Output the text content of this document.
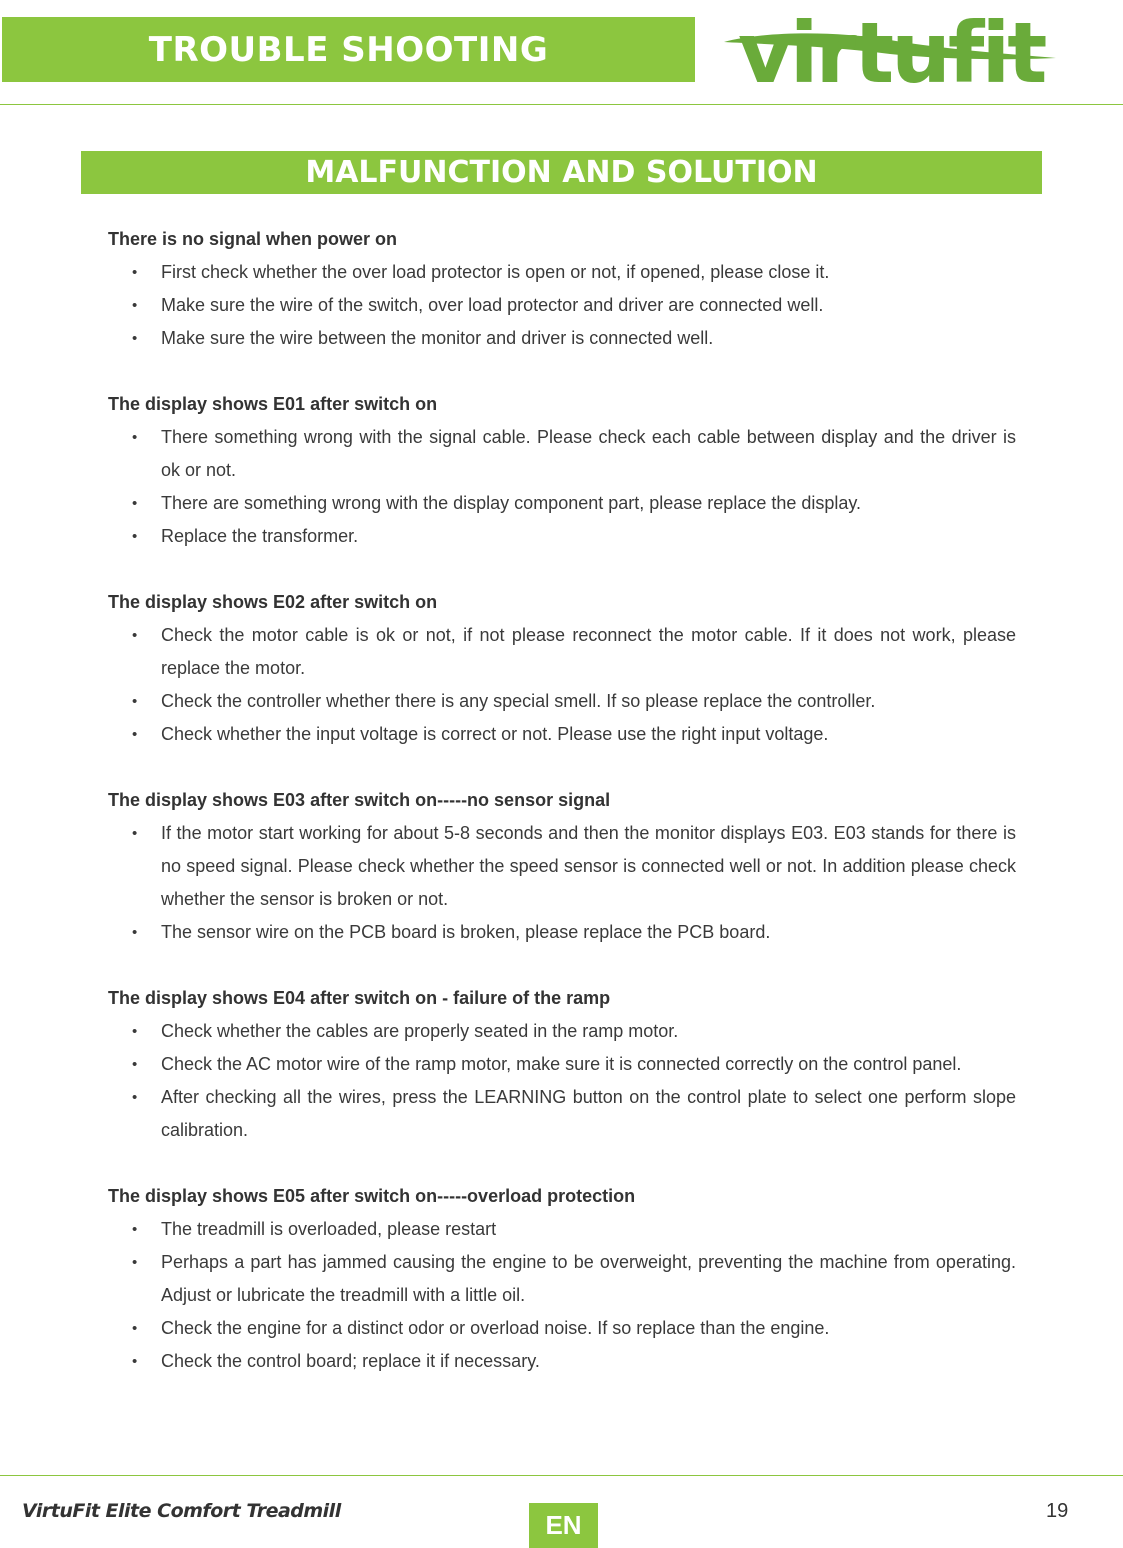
TROUBLE SHOOTING virtufit
MALFUNCTION AND SOLUTION
There is no signal when power on
• First check whether the over load protector is open or not, if opened, please close it.
• Make sure the wire of the switch, over load protector and driver are connected well.
• Make sure the wire between the monitor and driver is connected well.
The display shows E01 after switch on
• There something wrong with the signal cable. Please check each cable between display and the driver is ok or not.
• There are something wrong with the display component part, please replace the display.
• Replace the transformer.
The display shows E02 after switch on
• Check the motor cable is ok or not, if not please reconnect the motor cable. If it does not work, please replace the motor.
• Check the controller whether there is any special smell. If so please replace the controller.
• Check whether the input voltage is correct or not. Please use the right input voltage.
The display shows E03 after switch on-----no sensor signal
• If the motor start working for about 5-8 seconds and then the monitor displays E03. E03 stands for there is no speed signal. Please check whether the speed sensor is connected well or not. In addition please check whether the sensor is broken or not.
• The sensor wire on the PCB board is broken, please replace the PCB board.
The display shows E04 after switch on - failure of the ramp
• Check whether the cables are properly seated in the ramp motor.
• Check the AC motor wire of the ramp motor, make sure it is connected correctly on the control panel.
• After checking all the wires, press the LEARNING button on the control plate to select one perform slope calibration.
The display shows E05 after switch on-----overload protection
• The treadmill is overloaded, please restart
• Perhaps a part has jammed causing the engine to be overweight, preventing the machine from operating. Adjust or lubricate the treadmill with a little oil.
• Check the engine for a distinct odor or overload noise. If so replace than the engine.
• Check the control board; replace it if necessary.
VirtuFit Elite Comfort Treadmill	EN	19
